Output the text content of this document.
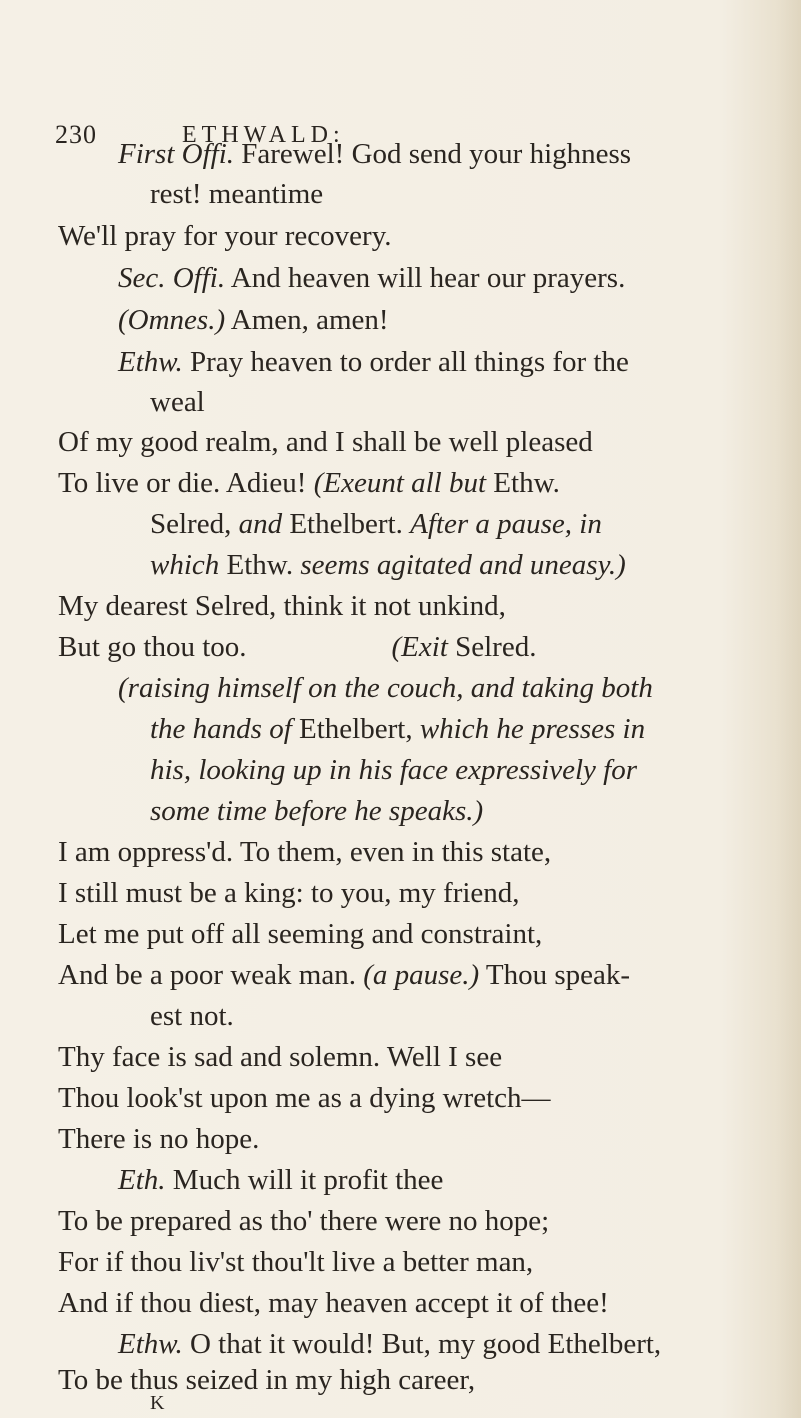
230	ETHWALD:
First Offi. Farewel! God send your highness
rest! meantime
We'll pray for your recovery.
Sec. Offi. And heaven will hear our prayers.
(Omnes.) Amen, amen!
Ethw. Pray heaven to order all things for the
weal
Of my good realm, and I shall be well pleased
To live or die. Adieu! (Exeunt all but Ethw.
Selred, and Ethelbert. After a pause, in
which Ethw. seems agitated and uneasy.)
My dearest Selred, think it not unkind,
But go thou too.                    (Exit Selred.
(raising himself on the couch, and taking both
the hands of Ethelbert, which he presses in
his, looking up in his face expressively for
some time before he speaks.)
I am oppress'd. To them, even in this state,
I still must be a king: to you, my friend,
Let me put off all seeming and constraint,
And be a poor weak man. (a pause.) Thou speak-
est not.
Thy face is sad and solemn. Well I see
Thou look'st upon me as a dying wretch—
There is no hope.
Eth. Much will it profit thee
To be prepared as tho' there were no hope;
For if thou liv'st thou'lt live a better man,
And if thou diest, may heaven accept it of thee!
Ethw. O that it would! But, my good Ethelbert,
To be thus seized in my high career,
K
